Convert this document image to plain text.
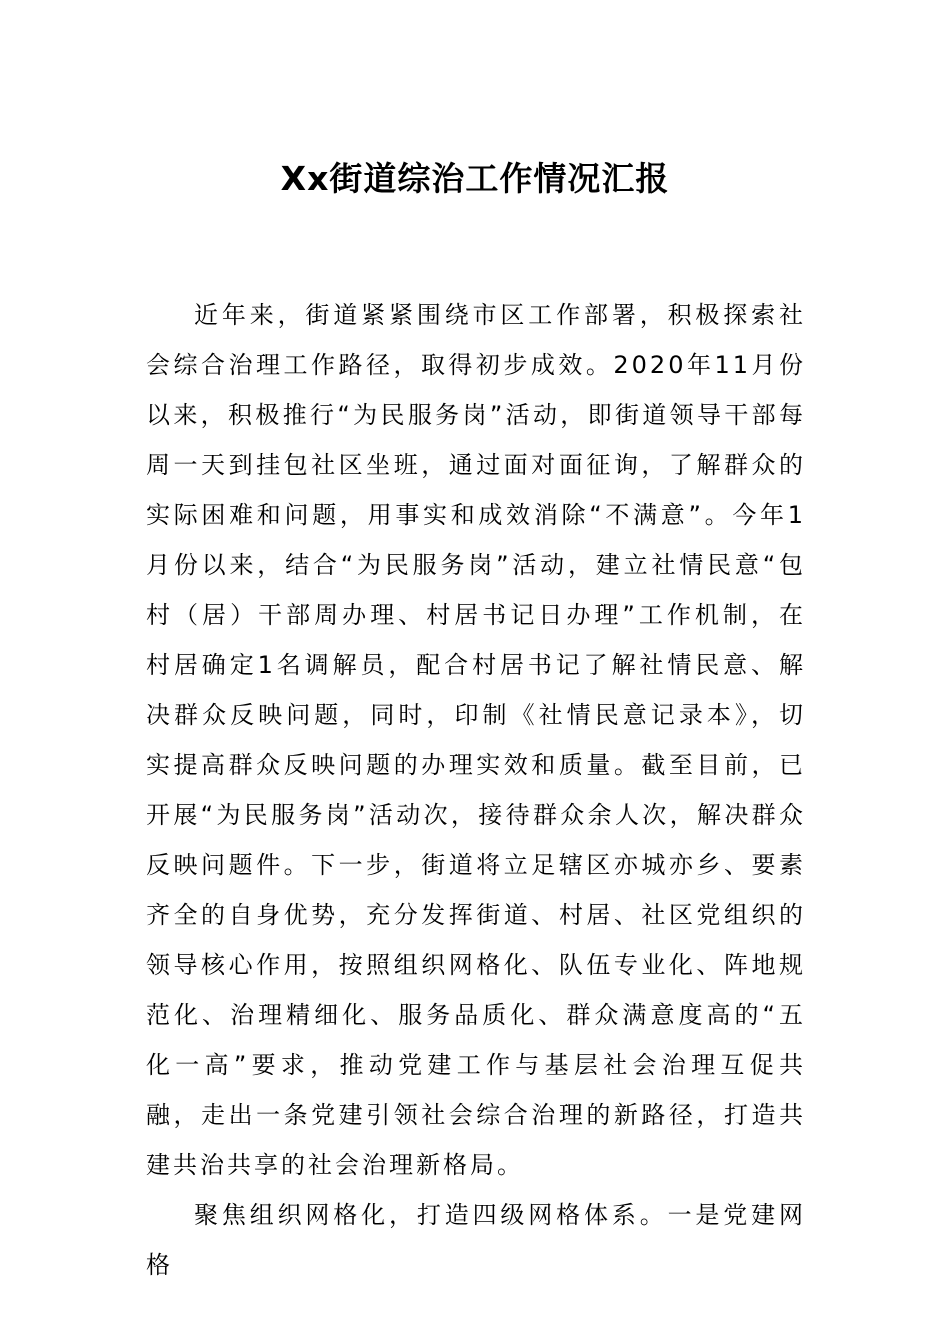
Xx街道综治工作情况汇报

近年来，街道紧紧围绕市区工作部署，积极探索社会综合治理工作路径，取得初步成效。2020年11月份以来，积极推行“为民服务岗”活动，即街道领导干部每周一天到挂包社区坐班，通过面对面征询，了解群众的实际困难和问题，用事实和成效消除“不满意”。今年1月份以来，结合“为民服务岗”活动，建立社情民意“包村（居）干部周办理、村居书记日办理”工作机制，在村居确定1名调解员，配合村居书记了解社情民意、解决群众反映问题，同时，印制《社情民意记录本》，切实提高群众反映问题的办理实效和质量。截至目前，已开展“为民服务岗”活动次，接待群众余人次，解决群众反映问题件。下一步，街道将立足辖区亦城亦乡、要素齐全的自身优势，充分发挥街道、村居、社区党组织的领导核心作用，按照组织网格化、队伍专业化、阵地规范化、治理精细化、服务品质化、群众满意度高的“五化一高”要求，推动党建工作与基层社会治理互促共融，走出一条党建引领社会综合治理的新路径，打造共建共治共享的社会治理新格局。

聚焦组织网格化，打造四级网格体系。一是党建网格
